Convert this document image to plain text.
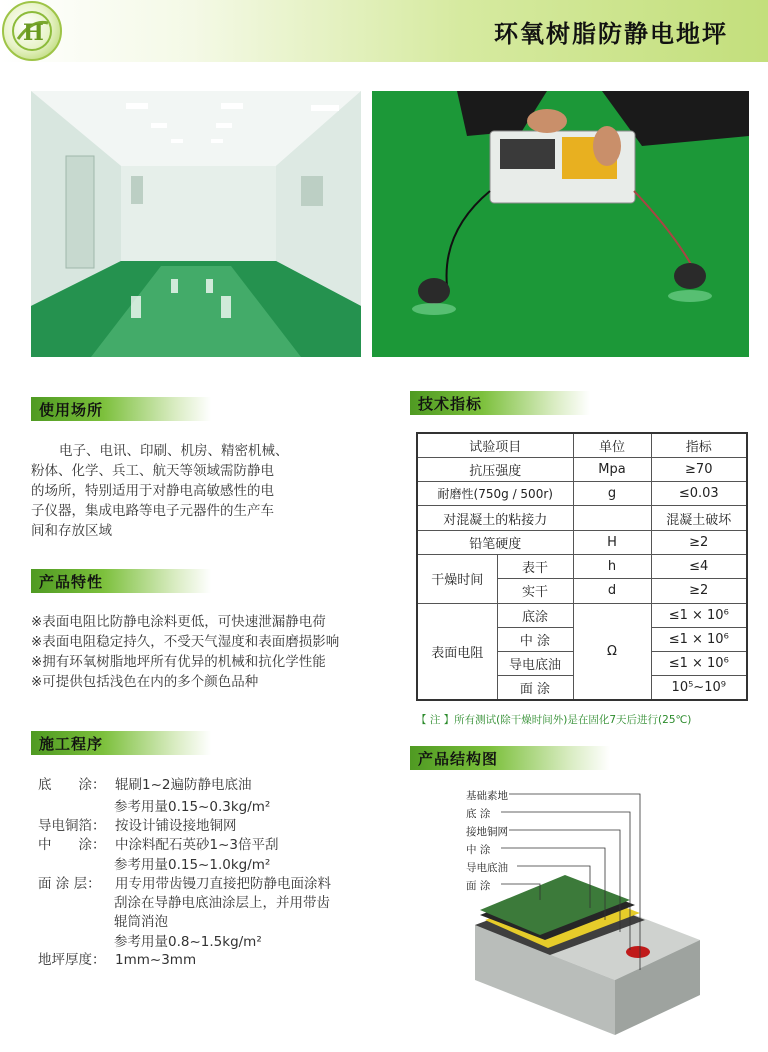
H	环氧树脂防静电地坪
使用场所
电子、电讯、印刷、机房、精密机械、
粉体、化学、兵工、航天等领域需防静电
的场所，特别适用于对静电高敏感性的电
子仪器，集成电路等电子元器件的生产车
间和存放区域
产品特性
※表面电阻比防静电涂料更低，可快速泄漏静电荷
※表面电阻稳定持久，不受天气湿度和表面磨损影响
※拥有环氧树脂地坪所有优异的机械和抗化学性能
※可提供包括浅色在内的多个颜色品种
施工程序
底　　涂： 辊刷1~2遍防静电底油
参考用量0.15~0.3kg/m²
导电铜箔： 按设计铺设接地铜网
中　　涂： 中涂料配石英砂1~3倍平刮
参考用量0.15~1.0kg/m²
面 涂 层： 用专用带齿镘刀直接把防静电面涂料
刮涂在导静电底油涂层上，并用带齿
辊筒消泡
参考用量0.8~1.5kg/m²
地坪厚度： 1mm~3mm
技术指标
试验项目		单位	指标
抗压强度		Mpa	≥70
耐磨性(750g / 500r)		g	≤0.03
对混凝土的粘接力			混凝土破坏
铅笔硬度		H	≥2
干燥时间	表干	h	≤4
	实干	d	≥2
表面电阻	底涂	Ω	≤1 × 10⁶
	中 涂		≤1 × 10⁶
	导电底油		≤1 × 10⁶
	面 涂		10⁵~10⁹
【 注 】所有测试(除干燥时间外)是在固化7天后进行(25℃)
产品结构图
基础素地
底 涂
接地铜网
中 涂
导电底油
面 涂
